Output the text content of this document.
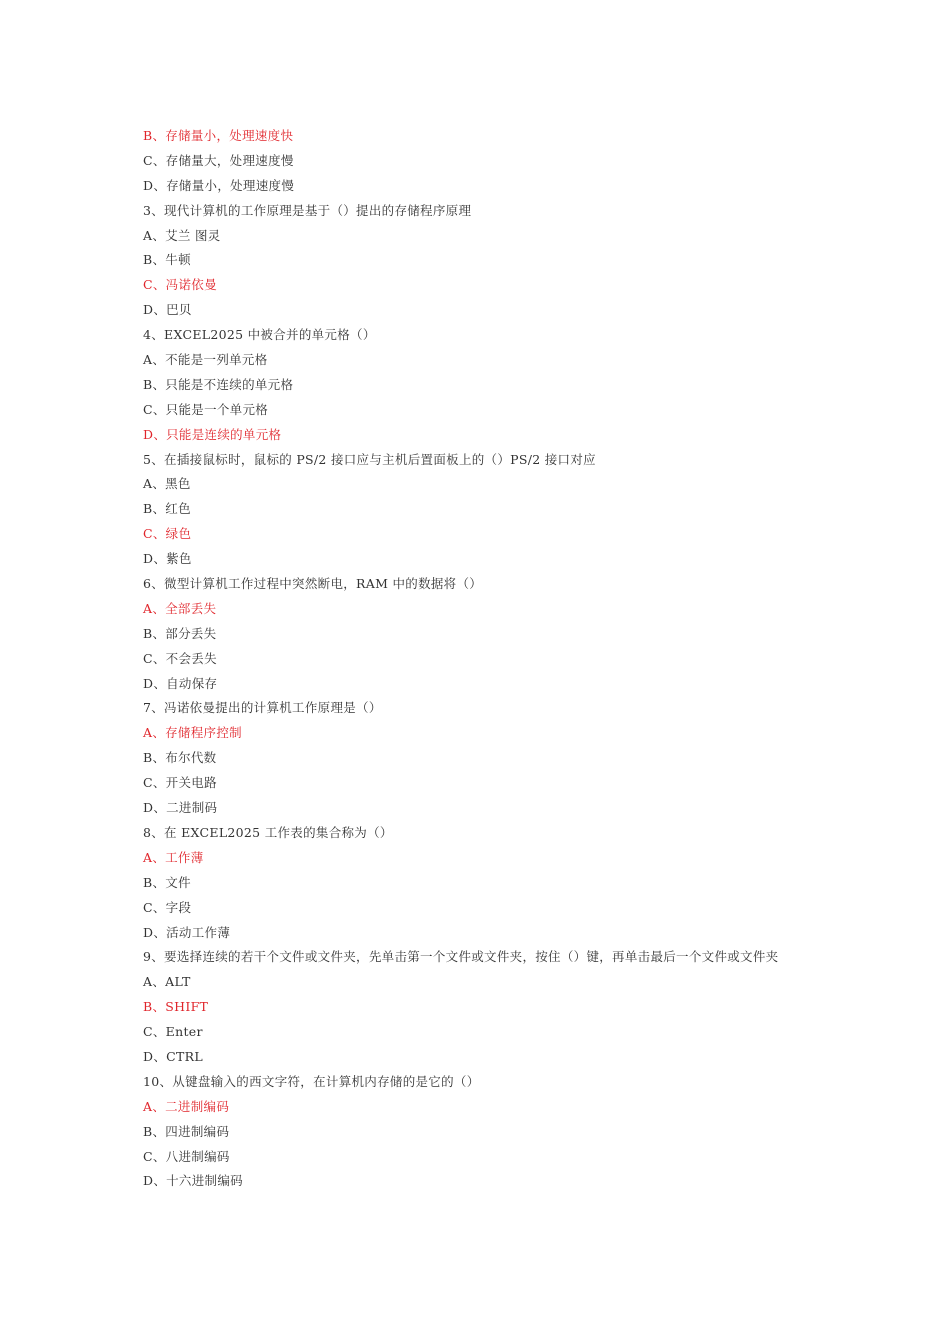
B、存储量小，处理速度快
C、存储量大，处理速度慢
D、存储量小，处理速度慢
3、现代计算机的工作原理是基于（）提出的存储程序原理
A、艾兰 图灵
B、牛顿
C、冯诺依曼
D、巴贝
4、EXCEL2025 中被合并的单元格（）
A、不能是一列单元格
B、只能是不连续的单元格
C、只能是一个单元格
D、只能是连续的单元格
5、在插接鼠标时，鼠标的 PS/2 接口应与主机后置面板上的（）PS/2 接口对应
A、黑色
B、红色
C、绿色
D、紫色
6、微型计算机工作过程中突然断电，RAM 中的数据将（）
A、全部丢失
B、部分丢失
C、不会丢失
D、自动保存
7、冯诺依曼提出的计算机工作原理是（）
A、存储程序控制
B、布尔代数
C、开关电路
D、二进制码
8、在 EXCEL2025 工作表的集合称为（）
A、工作薄
B、文件
C、字段
D、活动工作薄
9、要选择连续的若干个文件或文件夹，先单击第一个文件或文件夹，按住（）键，再单击最后一个文件或文件夹
A、ALT
B、SHIFT
C、Enter
D、CTRL
10、从键盘输入的西文字符，在计算机内存储的是它的（）
A、二进制编码
B、四进制编码
C、八进制编码
D、十六进制编码
